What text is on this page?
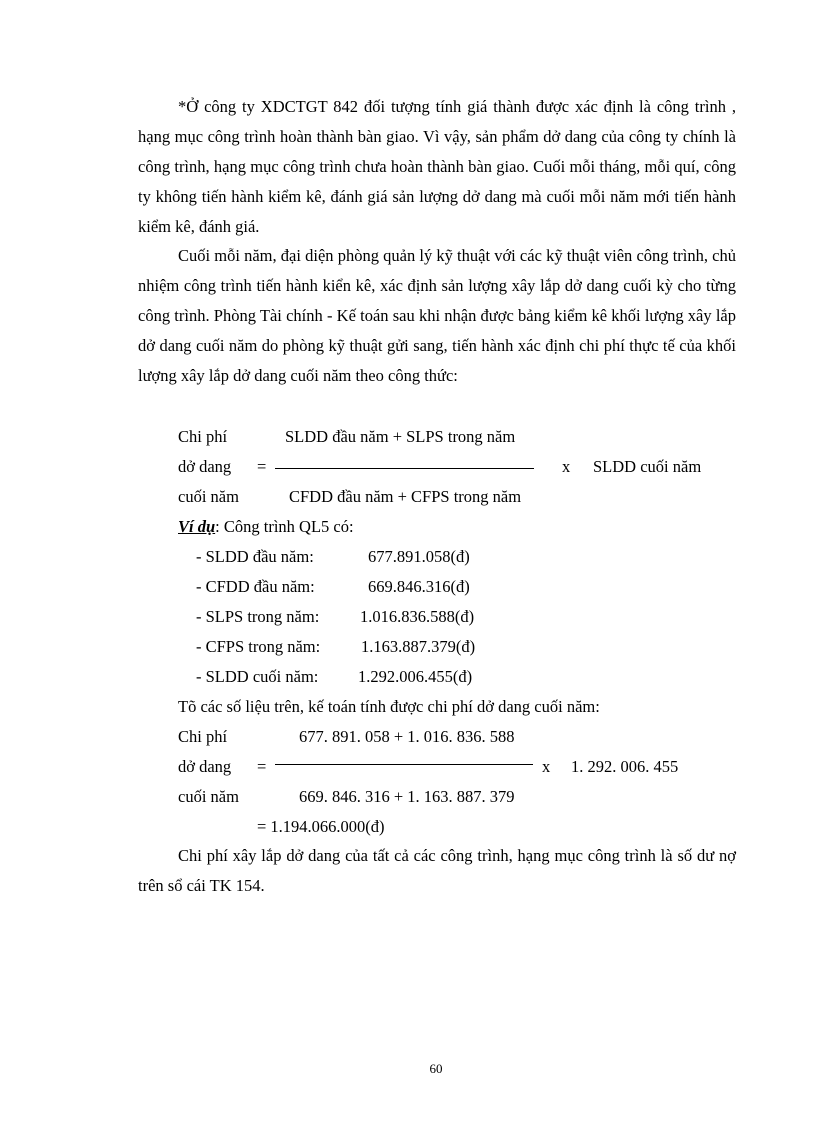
*Ở công ty XDCTGT 842 đối tượng tính giá thành được xác định là công trình , hạng mục công trình hoàn thành bàn giao. Vì vậy, sản phẩm dở dang của công ty chính là công trình, hạng mục công trình chưa hoàn thành bàn giao. Cuối mỗi tháng, mỗi quí, công ty không tiến hành kiểm kê, đánh giá sản lượng dở dang mà cuối mỗi năm mới tiến hành kiểm kê, đánh giá.

Cuối mỗi năm, đại diện phòng quản lý kỹ thuật với các kỹ thuật viên công trình, chủ nhiệm công trình tiến hành kiển kê, xác định sản lượng xây lắp dở dang cuối kỳ cho từng công trình. Phòng Tài chính - Kế toán sau khi nhận được bảng kiểm kê khối lượng xây lắp dở dang cuối năm do phòng kỹ thuật gửi sang, tiến hành xác định chi phí thực tế của khối lượng xây lắp dở dang cuối năm theo công thức:

Chi phí	SLDD đầu năm + SLPS trong năm
dở dang =	x SLDD cuối năm
cuối năm	CFDD đầu năm + CFPS trong năm
Ví dụ: Công trình QL5 có:
- SLDD đầu năm:	677.891.058(đ)
- CFDD đầu năm:	669.846.316(đ)
- SLPS trong năm: 1.016.836.588(đ)
- CFPS trong năm: 1.163.887.379(đ)
- SLDD cuối năm: 1.292.006.455(đ)
Tõ các số liệu trên, kế toán tính được chi phí dở dang cuối năm:
Chi phí	677. 891. 058 + 1. 016. 836. 588
dở dang =	x 1. 292. 006. 455
cuối năm	669. 846. 316 + 1. 163. 887. 379
= 1.194.066.000(đ)

Chi phí xây lắp dở dang của tất cả các công trình, hạng mục công trình là số dư nợ trên sổ cái TK 154.

60
